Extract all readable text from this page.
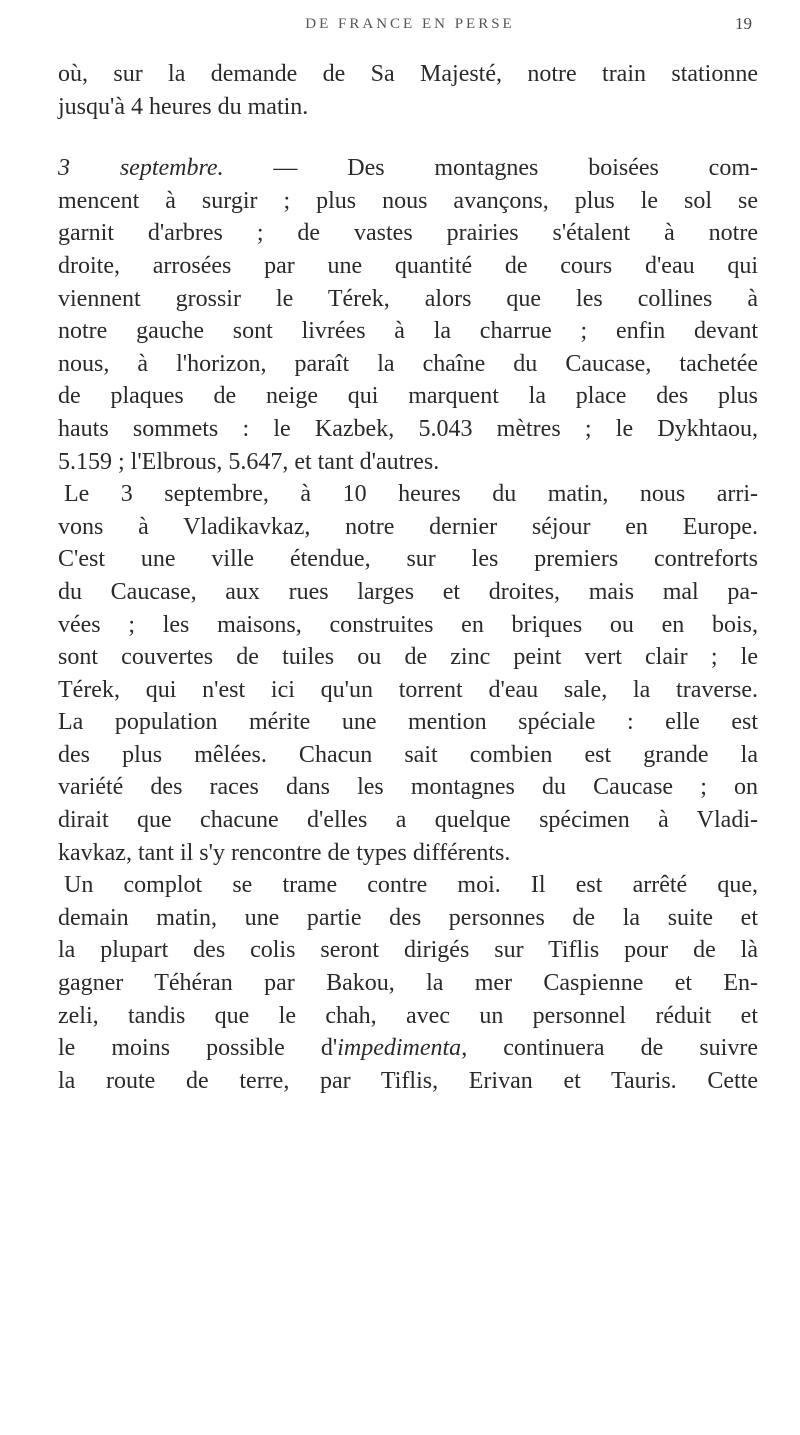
DE FRANCE EN PERSE	19
où, sur la demande de Sa Majesté, notre train stationne
jusqu'à 4 heures du matin.
3 septembre. — Des montagnes boisées com-
mencent à surgir ; plus nous avançons, plus le sol se
garnit d'arbres ; de vastes prairies s'étalent à notre
droite, arrosées par une quantité de cours d'eau qui
viennent grossir le Térek, alors que les collines à
notre gauche sont livrées à la charrue ; enfin devant
nous, à l'horizon, paraît la chaîne du Caucase, tachetée
de plaques de neige qui marquent la place des plus
hauts sommets : le Kazbek, 5.043 mètres ; le Dykhtaou,
5.159 ; l'Elbrous, 5.647, et tant d'autres.
Le 3 septembre, à 10 heures du matin, nous arri-
vons à Vladikavkaz, notre dernier séjour en Europe.
C'est une ville étendue, sur les premiers contreforts
du Caucase, aux rues larges et droites, mais mal pa-
vées ; les maisons, construites en briques ou en bois,
sont couvertes de tuiles ou de zinc peint vert clair ; le
Térek, qui n'est ici qu'un torrent d'eau sale, la traverse.
La population mérite une mention spéciale : elle est
des plus mêlées. Chacun sait combien est grande la
variété des races dans les montagnes du Caucase ; on
dirait que chacune d'elles a quelque spécimen à Vladi-
kavkaz, tant il s'y rencontre de types différents.
Un complot se trame contre moi. Il est arrêté que,
demain matin, une partie des personnes de la suite et
la plupart des colis seront dirigés sur Tiflis pour de là
gagner Téhéran par Bakou, la mer Caspienne et En-
zeli, tandis que le chah, avec un personnel réduit et
le moins possible d'impedimenta, continuera de suivre
la route de terre, par Tiflis, Erivan et Tauris. Cette
